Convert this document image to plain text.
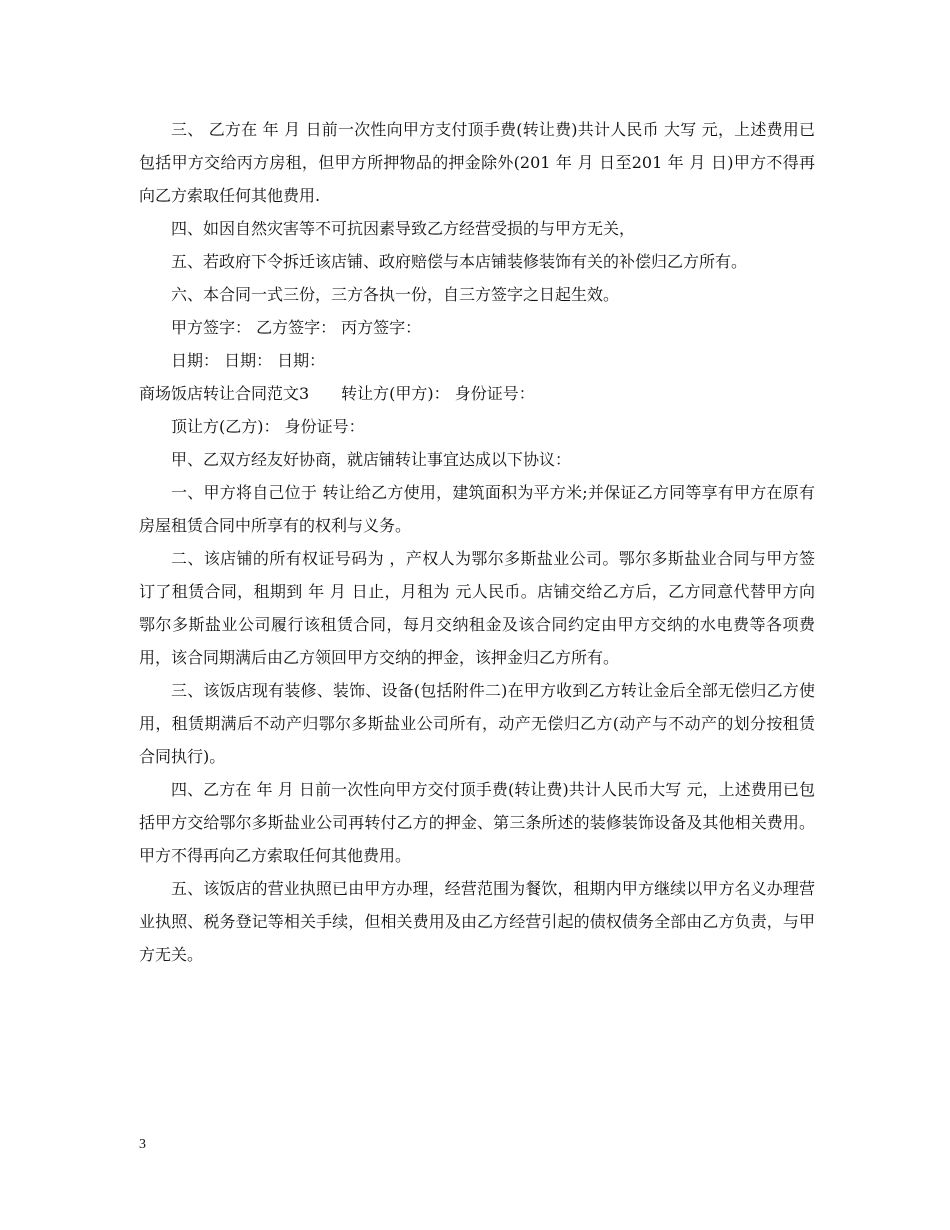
三、 乙方在 年 月 日前一次性向甲方支付顶手费(转让费)共计人民币 大写 元，上述费用已包括甲方交给丙方房租，但甲方所押物品的押金除外(201 年 月 日至201 年 月 日)甲方不得再向乙方索取任何其他费用.

四、如因自然灾害等不可抗因素导致乙方经营受损的与甲方无关，

五、若政府下令拆迁该店铺、政府赔偿与本店铺装修装饰有关的补偿归乙方所有。

六、本合同一式三份，三方各执一份，自三方签字之日起生效。

甲方签字： 乙方签字： 丙方签字：

日期： 日期： 日期：

商场饭店转让合同范文3　　转让方(甲方)： 身份证号：

顶让方(乙方)： 身份证号：

甲、乙双方经友好协商，就店铺转让事宜达成以下协议：

一、甲方将自己位于 转让给乙方使用，建筑面积为平方米;并保证乙方同等享有甲方在原有房屋租赁合同中所享有的权利与义务。

二、该店铺的所有权证号码为 ，产权人为鄂尔多斯盐业公司。鄂尔多斯盐业合同与甲方签订了租赁合同，租期到 年 月 日止，月租为 元人民币。店铺交给乙方后，乙方同意代替甲方向鄂尔多斯盐业公司履行该租赁合同，每月交纳租金及该合同约定由甲方交纳的水电费等各项费用，该合同期满后由乙方领回甲方交纳的押金，该押金归乙方所有。

三、该饭店现有装修、装饰、设备(包括附件二)在甲方收到乙方转让金后全部无偿归乙方使用，租赁期满后不动产归鄂尔多斯盐业公司所有，动产无偿归乙方(动产与不动产的划分按租赁合同执行)。

四、乙方在 年 月 日前一次性向甲方交付顶手费(转让费)共计人民币大写 元，上述费用已包括甲方交给鄂尔多斯盐业公司再转付乙方的押金、第三条所述的装修装饰设备及其他相关费用。甲方不得再向乙方索取任何其他费用。

五、该饭店的营业执照已由甲方办理，经营范围为餐饮，租期内甲方继续以甲方名义办理营业执照、税务登记等相关手续，但相关费用及由乙方经营引起的债权债务全部由乙方负责，与甲方无关。

3
